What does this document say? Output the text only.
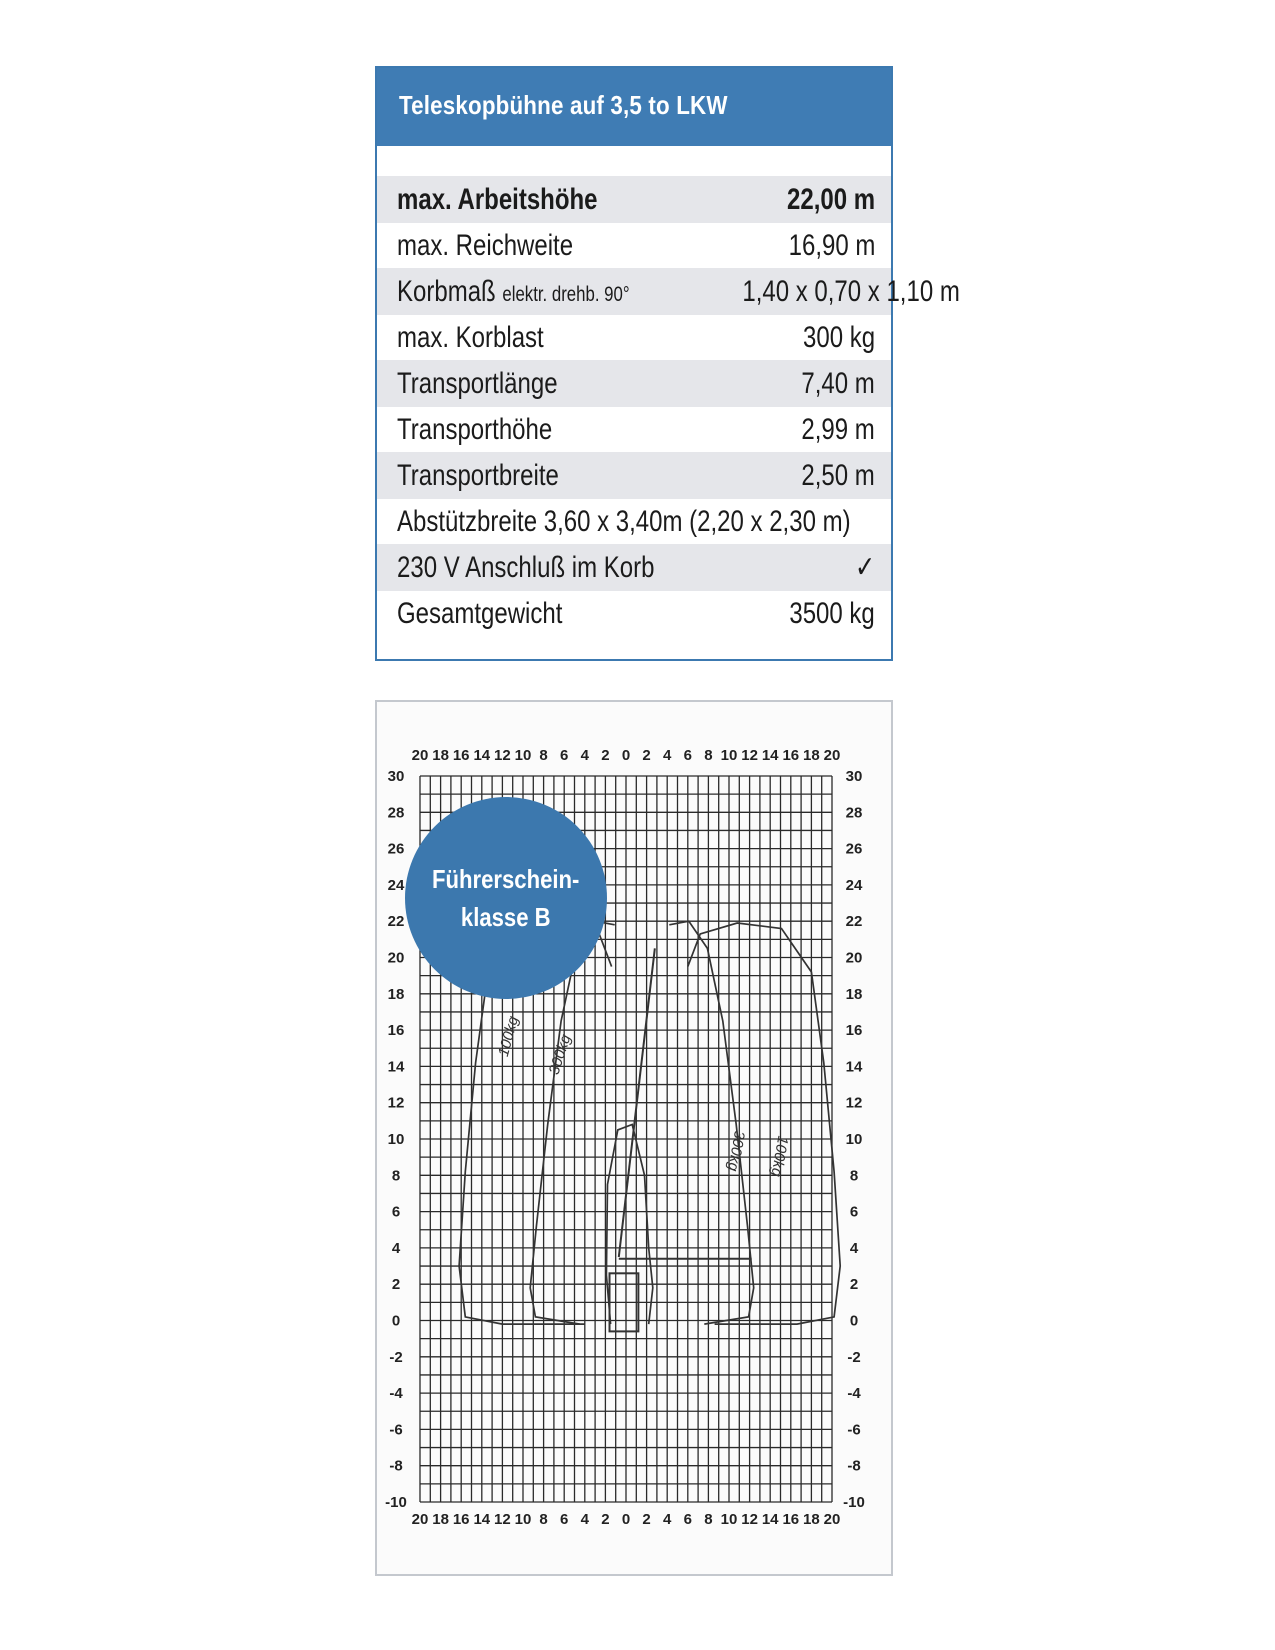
Teleskopbühne auf 3,5 to LKW
max. Arbeitshöhe	22,00 m
max. Reichweite	16,90 m
Korbmaß elektr. drehb. 90°	1,40 x 0,70 x 1,10 m
max. Korblast	300 kg
Transportlänge	7,40 m
Transporthöhe	2,99 m
Transportbreite	2,50 m
Abstützbreite 3,60 x 3,40m (2,20 x 2,30 m)
230 V Anschluß im Korb	✓
Gesamtgewicht	3500 kg
20
20
18
18
16
16
14
14
12
12
10
10
8
8
6
6
4
4
2
2
0
0
2
2
4
4
6
6
8
8
10
10
12
12
14
14
16
16
18
18
20
20
30	30
28	28
26	26
24	24
22	22
20	20
18	18
16	16
14	14
12	12
10	10
8	8
6	6
4	4
2	2
0	0
-2	-2
-4	-4
-6	-6
-8	-8
-10	-10
100kg 300kg
300kg 100kg
Führerschein-
klasse B
